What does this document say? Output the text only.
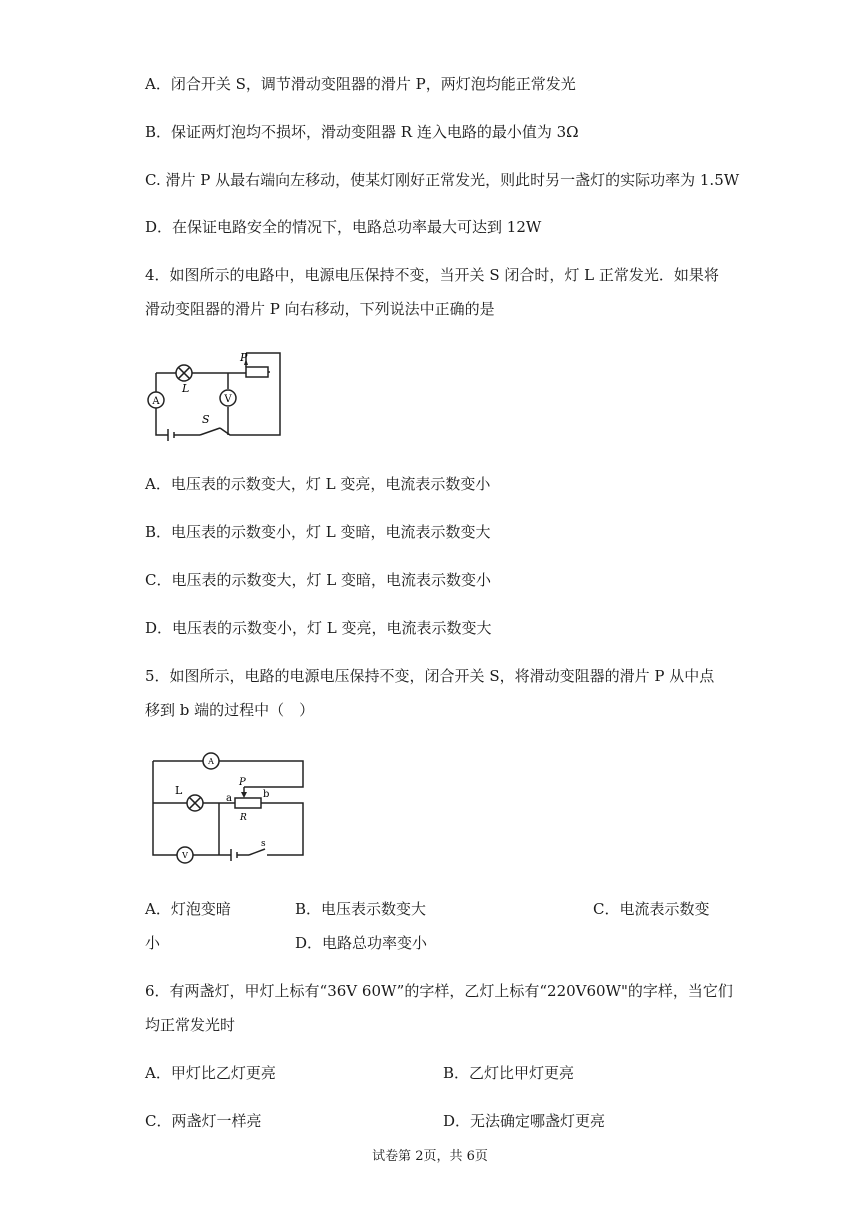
A．闭合开关 S，调节滑动变阻器的滑片 P，两灯泡均能正常发光
B．保证两灯泡均不损坏，滑动变阻器 R 连入电路的最小值为 3Ω
C. 滑片 P 从最右端向左移动，使某灯刚好正常发光，则此时另一盏灯的实际功率为 1.5W
D．在保证电路安全的情况下，电路总功率最大可达到 12W
4．如图所示的电路中，电源电压保持不变，当开关 S 闭合时，灯 L 正常发光．如果将
滑动变阻器的滑片 P 向右移动，下列说法中正确的是
A	V
L
P
S
A．电压表的示数变大，灯 L 变亮，电流表示数变小
B．电压表的示数变小，灯 L 变暗，电流表示数变大
C．电压表的示数变大，灯 L 变暗，电流表示数变小
D．电压表的示数变小，灯 L 变亮，电流表示数变大
5．如图所示，电路的电源电压保持不变，闭合开关 S，将滑动变阻器的滑片 P 从中点
移到 b 端的过程中（　）
A
V
L
P
a	b
R
s
A．灯泡变暗	B．电压表示数变大	C．电流表示数变
小	D．电路总功率变小
6．有两盏灯，甲灯上标有“36V 60W”的字样，乙灯上标有“220V60W"的字样，当它们
均正常发光时
A．甲灯比乙灯更亮	B．乙灯比甲灯更亮
C．两盏灯一样亮	D．无法确定哪盏灯更亮
试卷第 2页，共 6页
